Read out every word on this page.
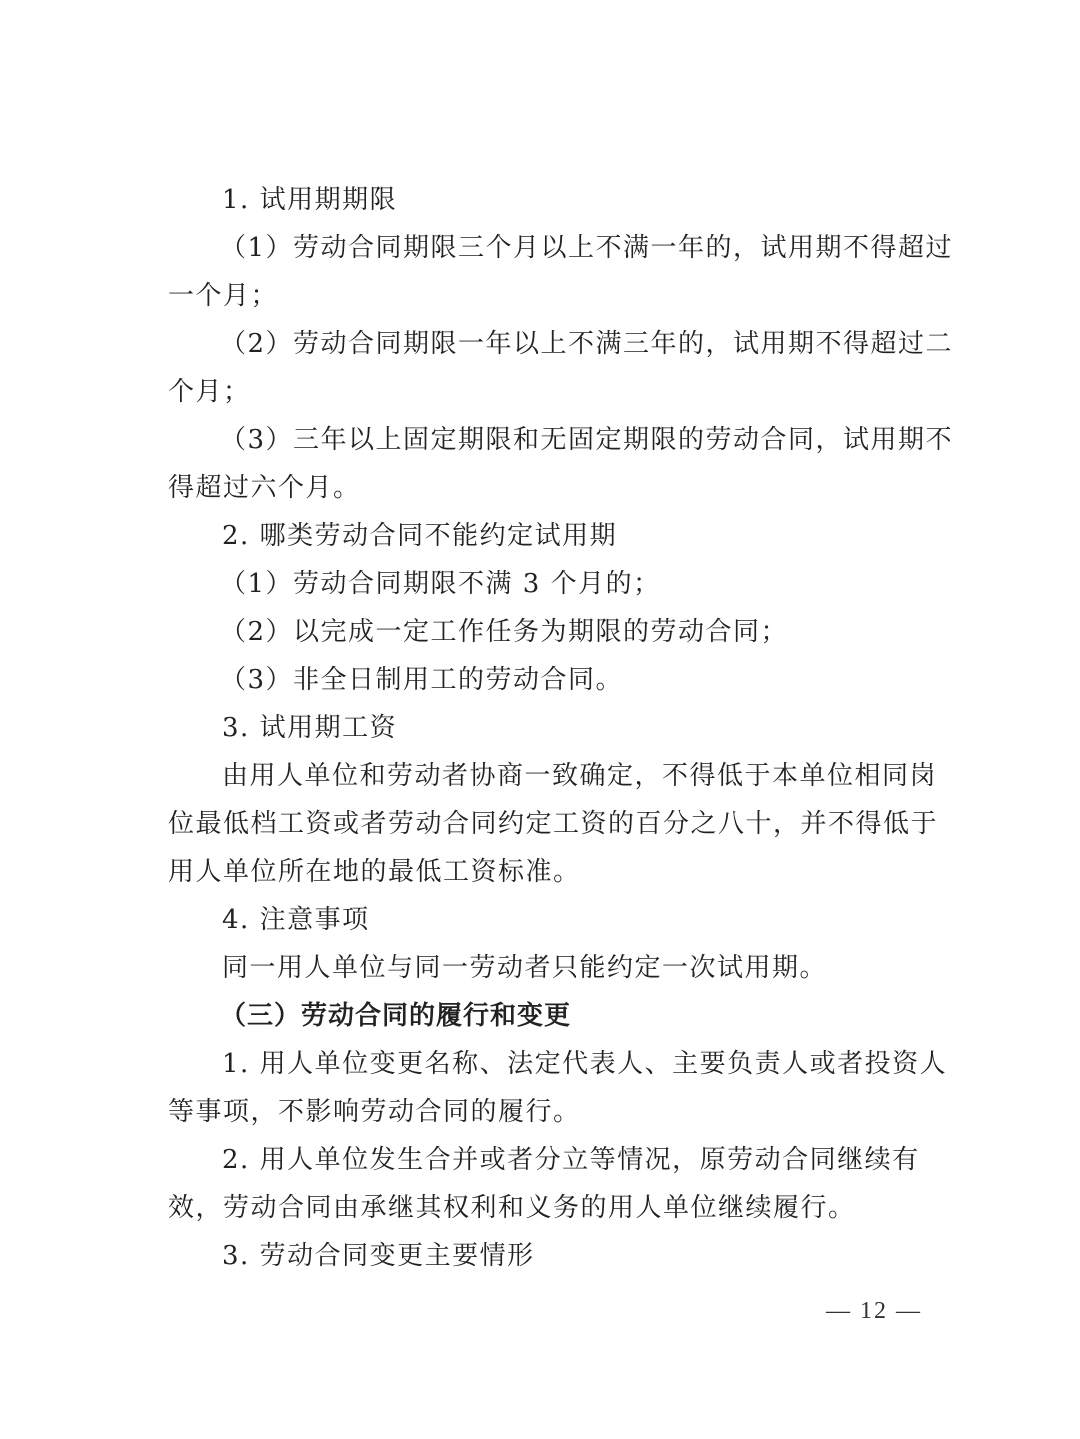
1. 试用期期限
（1）劳动合同期限三个月以上不满一年的，试用期不得超过
一个月；
（2）劳动合同期限一年以上不满三年的，试用期不得超过二
个月；
（3）三年以上固定期限和无固定期限的劳动合同，试用期不
得超过六个月。
2. 哪类劳动合同不能约定试用期
（1）劳动合同期限不满 3 个月的；
（2）以完成一定工作任务为期限的劳动合同；
（3）非全日制用工的劳动合同。
3. 试用期工资
由用人单位和劳动者协商一致确定，不得低于本单位相同岗
位最低档工资或者劳动合同约定工资的百分之八十，并不得低于
用人单位所在地的最低工资标准。
4. 注意事项
同一用人单位与同一劳动者只能约定一次试用期。
（三）劳动合同的履行和变更
1. 用人单位变更名称、法定代表人、主要负责人或者投资人
等事项，不影响劳动合同的履行。
2. 用人单位发生合并或者分立等情况，原劳动合同继续有
效，劳动合同由承继其权利和义务的用人单位继续履行。
3. 劳动合同变更主要情形
— 12 —
